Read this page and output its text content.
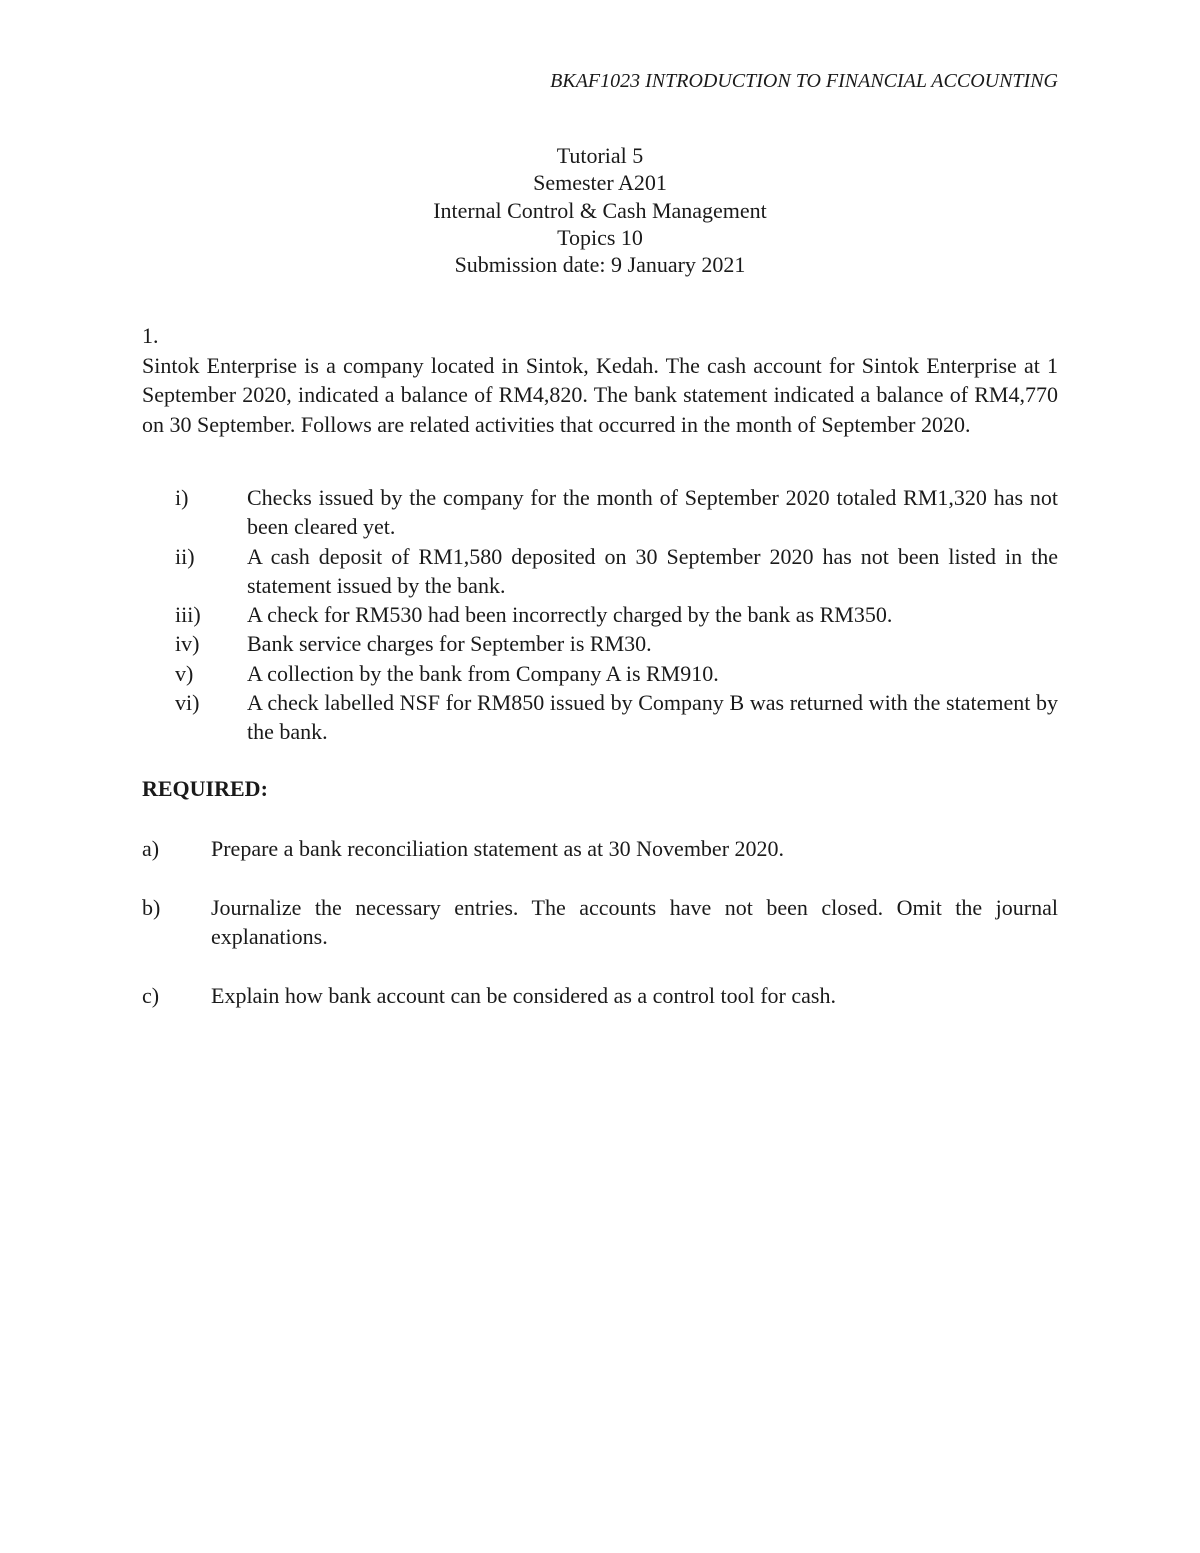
BKAF1023 INTRODUCTION TO FINANCIAL ACCOUNTING
Tutorial 5
Semester A201
Internal Control & Cash Management
Topics 10
Submission date: 9 January 2021
1.

Sintok Enterprise is a company located in Sintok, Kedah. The cash account for Sintok Enterprise at 1 September 2020, indicated a balance of RM4,820. The bank statement indicated a balance of RM4,770 on 30 September. Follows are related activities that occurred in the month of September 2020.

i)	Checks issued by the company for the month of September 2020 totaled RM1,320 has not been cleared yet.
ii)	A cash deposit of RM1,580 deposited on 30 September 2020 has not been listed in the statement issued by the bank.
iii)	A check for RM530 had been incorrectly charged by the bank as RM350.
iv)	Bank service charges for September is RM30.
v)	A collection by the bank from Company A is RM910.
vi)	A check labelled NSF for RM850 issued by Company B was returned with the statement by the bank.
REQUIRED:
a)	Prepare a bank reconciliation statement as at 30 November 2020.
b)	Journalize the necessary entries. The accounts have not been closed. Omit the journal explanations.
c)	Explain how bank account can be considered as a control tool for cash.
